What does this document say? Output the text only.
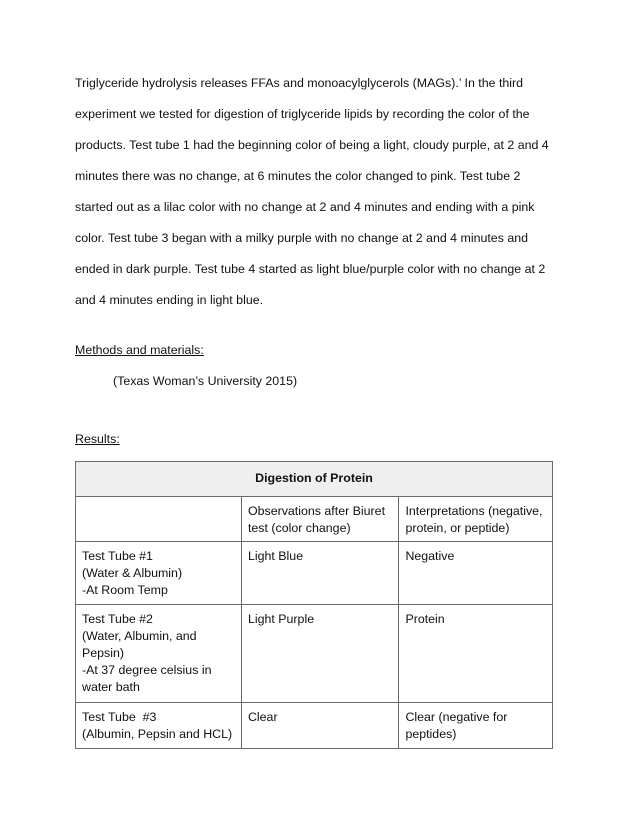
Triglyceride hydrolysis releases FFAs and monoacylglycerols (MAGs).’ In the third
experiment we tested for digestion of triglyceride lipids by recording the color of the
products. Test tube 1 had the beginning color of being a light, cloudy purple, at 2 and 4
minutes there was no change, at 6 minutes the color changed to pink. Test tube 2
started out as a lilac color with no change at 2 and 4 minutes and ending with a pink
color. Test tube 3 began with a milky purple with no change at 2 and 4 minutes and
ended in dark purple. Test tube 4 started as light blue/purple color with no change at 2
and 4 minutes ending in light blue.

Methods and materials:

(Texas Woman’s University 2015)

Results:

Digestion of Protein		

	Observations after Biuret
test (color change)	Interpretations (negative,
protein, or peptide)

Test Tube #1
(Water & Albumin)
-At Room Temp	Light Blue	Negative

Test Tube #2
(Water, Albumin, and
Pepsin)
-At 37 degree celsius in
water bath	Light Purple	Protein

Test Tube  #3
(Albumin, Pepsin and HCL)	Clear	Clear (negative for
peptides)
